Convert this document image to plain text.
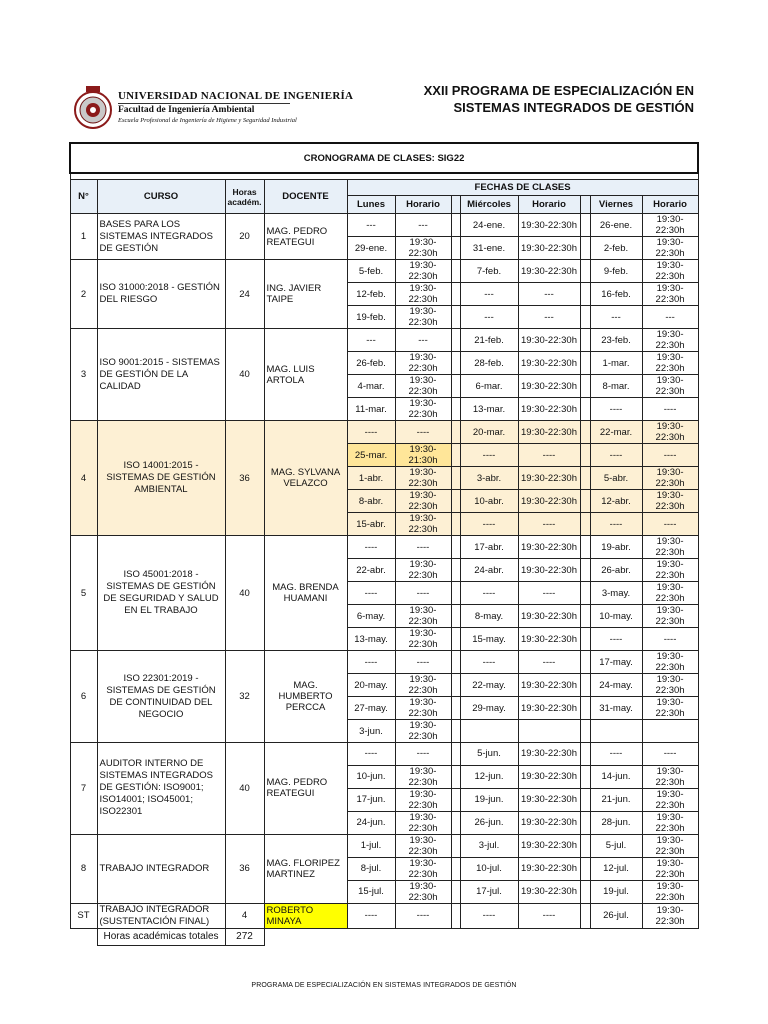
UNIVERSIDAD NACIONAL DE INGENIERÍA
Facultad de Ingeniería Ambiental
Escuela Profesional de Ingeniería de Higiene y Seguridad Industrial
XXII PROGRAMA DE ESPECIALIZACIÓN EN
SISTEMAS INTEGRADOS DE GESTIÓN
CRONOGRAMA DE CLASES: SIG22											

N°	CURSO	Horas
académ.	DOCENTE	FECHAS DE CLASES							
				Lunes	Horario		Miércoles	Horario		Viernes	Horario
1	BASES PARA LOS SISTEMAS INTEGRADOS DE GESTIÓN	20	MAG. PEDRO REATEGUI	---	---		24-ene.	19:30-22:30h		26-ene.	19:30-22:30h
				29-ene.	19:30-22:30h		31-ene.	19:30-22:30h		2-feb.	19:30-22:30h
2	ISO 31000:2018 - GESTIÓN DEL RIESGO	24	ING. JAVIER TAIPE	5-feb.	19:30-22:30h		7-feb.	19:30-22:30h		9-feb.	19:30-22:30h
				12-feb.	19:30-22:30h		---	---		16-feb.	19:30-22:30h
				19-feb.	19:30-22:30h		---	---		---	---
3	ISO 9001:2015 - SISTEMAS DE GESTIÓN DE LA CALIDAD	40	MAG. LUIS ARTOLA	---	---		21-feb.	19:30-22:30h		23-feb.	19:30-22:30h
				26-feb.	19:30-22:30h		28-feb.	19:30-22:30h		1-mar.	19:30-22:30h
				4-mar.	19:30-22:30h		6-mar.	19:30-22:30h		8-mar.	19:30-22:30h
				11-mar.	19:30-22:30h		13-mar.	19:30-22:30h		----	----
4	ISO 14001:2015 - SISTEMAS DE GESTIÓN AMBIENTAL	36	MAG. SYLVANA VELAZCO	----	----		20-mar.	19:30-22:30h		22-mar.	19:30-22:30h
				25-mar.	19:30-21:30h		----	----		----	----
				1-abr.	19:30-22:30h		3-abr.	19:30-22:30h		5-abr.	19:30-22:30h
				8-abr.	19:30-22:30h		10-abr.	19:30-22:30h		12-abr.	19:30-22:30h
				15-abr.	19:30-22:30h		----	----		----	----
5	ISO 45001:2018 - SISTEMAS DE GESTIÓN DE SEGURIDAD Y SALUD EN EL TRABAJO	40	MAG. BRENDA HUAMANI	----	----		17-abr.	19:30-22:30h		19-abr.	19:30-22:30h
				22-abr.	19:30-22:30h		24-abr.	19:30-22:30h		26-abr.	19:30-22:30h
				----	----		----	----		3-may.	19:30-22:30h
				6-may.	19:30-22:30h		8-may.	19:30-22:30h		10-may.	19:30-22:30h
				13-may.	19:30-22:30h		15-may.	19:30-22:30h		----	----
6	ISO 22301:2019 - SISTEMAS DE GESTIÓN DE CONTINUIDAD DEL NEGOCIO	32	MAG. HUMBERTO PERCCA	----	----		----	----		17-may.	19:30-22:30h
				20-may.	19:30-22:30h		22-may.	19:30-22:30h		24-may.	19:30-22:30h
				27-may.	19:30-22:30h		29-may.	19:30-22:30h		31-may.	19:30-22:30h
				3-jun.	19:30-22:30h						
7	AUDITOR INTERNO DE SISTEMAS INTEGRADOS DE GESTIÓN: ISO9001; ISO14001; ISO45001; ISO22301	40	MAG. PEDRO REATEGUI	----	----		5-jun.	19:30-22:30h		----	----
				10-jun.	19:30-22:30h		12-jun.	19:30-22:30h		14-jun.	19:30-22:30h
				17-jun.	19:30-22:30h		19-jun.	19:30-22:30h		21-jun.	19:30-22:30h
				24-jun.	19:30-22:30h		26-jun.	19:30-22:30h		28-jun.	19:30-22:30h
8	TRABAJO INTEGRADOR	36	MAG. FLORIPEZ MARTINEZ	1-jul.	19:30-22:30h		3-jul.	19:30-22:30h		5-jul.	19:30-22:30h
				8-jul.	19:30-22:30h		10-jul.	19:30-22:30h		12-jul.	19:30-22:30h
				15-jul.	19:30-22:30h		17-jul.	19:30-22:30h		19-jul.	19:30-22:30h
ST	TRABAJO INTEGRADOR (SUSTENTACIÓN FINAL)	4	ROBERTO MINAYA	----	----		----	----		26-jul.	19:30-22:30h
	Horas académicas totales	272									
PROGRAMA DE ESPECIALIZACIÓN EN SISTEMAS INTEGRADOS DE GESTIÓN
